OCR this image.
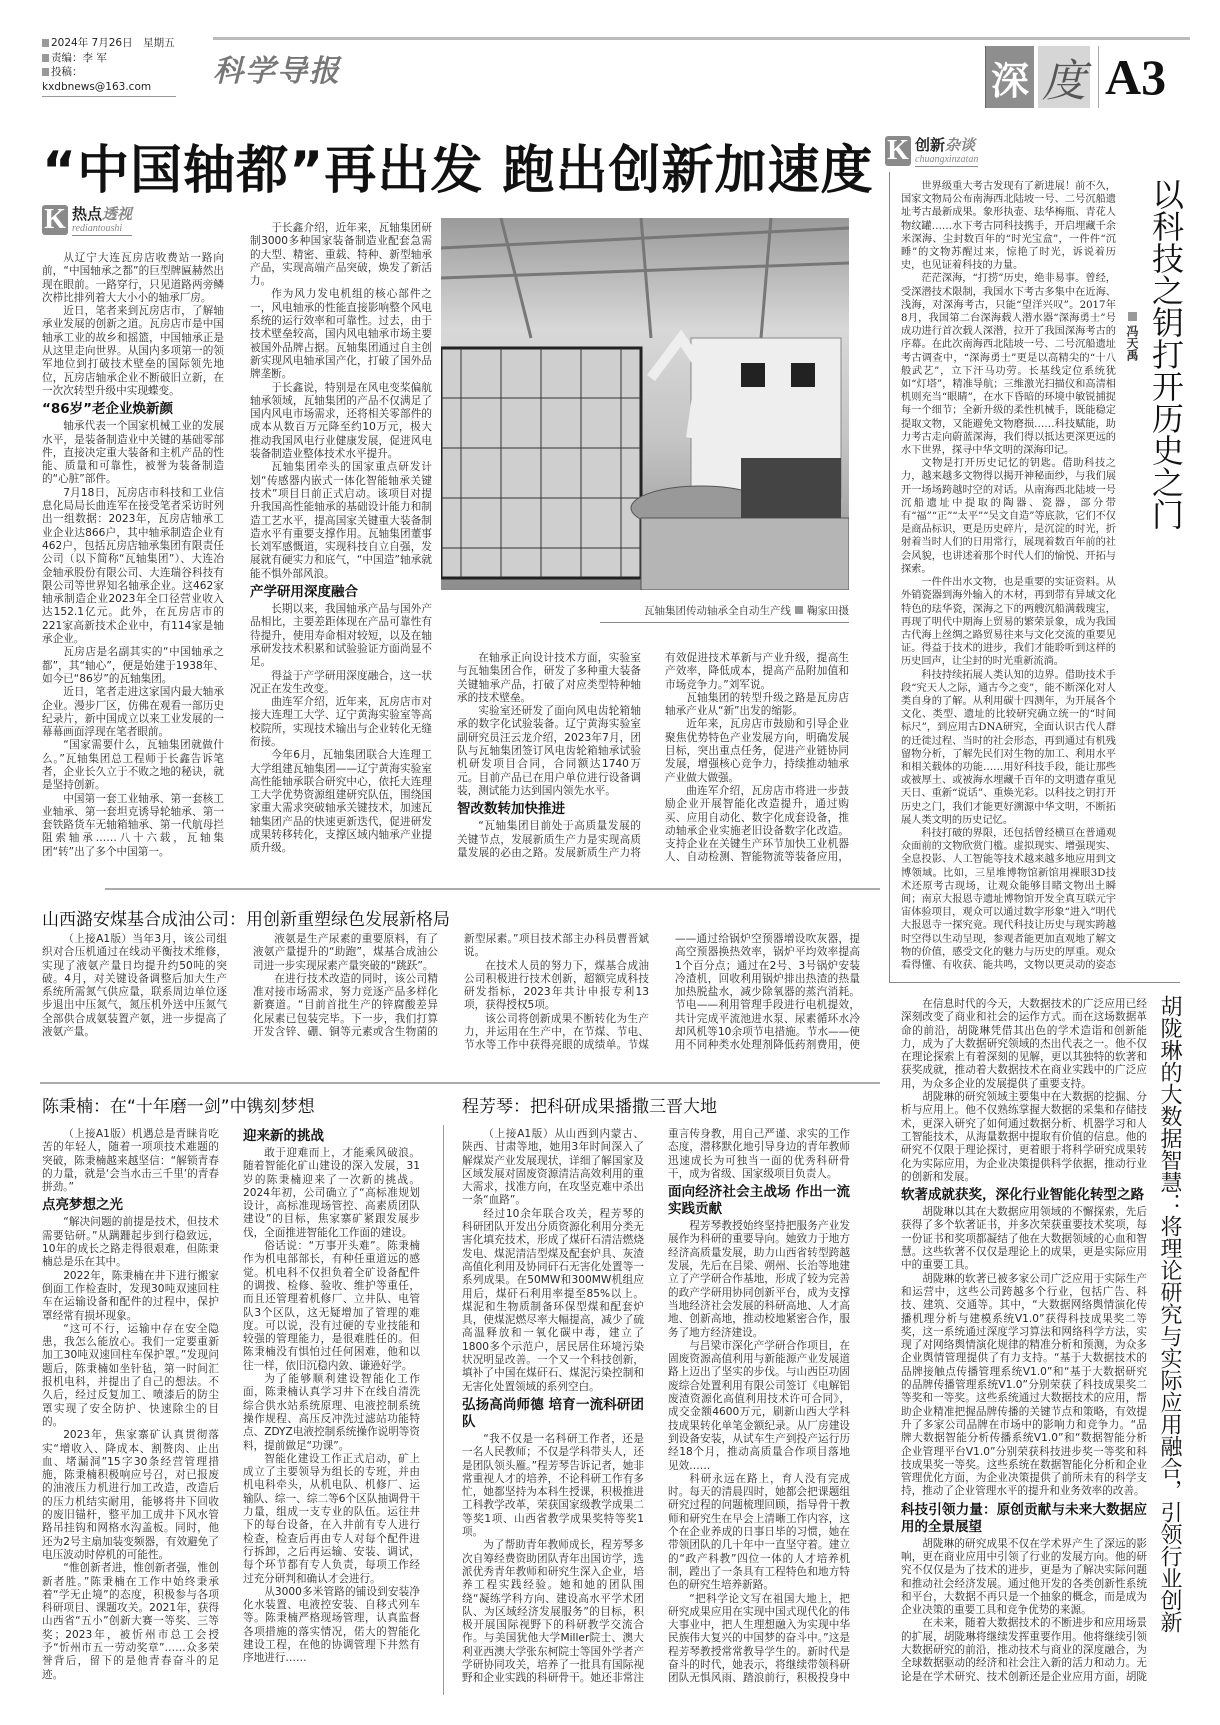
2024年 7月26日　星期五
责编：李 军
投稿：kxdbnews@163.com	科学导报	深 度 A3
“中国轴都”再出发 跑出创新加速度
K 热点透视
rediantoushi

从辽宁大连瓦房店收费站一路向前，“中国轴承之都”的巨型牌匾赫然出现在眼前。一路穿行，只见道路两旁鳞次栉比排列着大大小小的轴承厂房。

近日，笔者来到瓦房店市，了解轴承业发展的创新之道。瓦房店市是中国轴承工业的故乡和摇篮，中国轴承正是从这里走向世界。从国内多项第一的领军地位到打破技术壁垒的国际领先地位，瓦房店轴承企业不断破旧立新，在一次次转型升级中实现蝶变。

“86岁”老企业焕新颜

轴承代表一个国家机械工业的发展水平，是装备制造业中关键的基础零部件，直接决定重大装备和主机产品的性能、质量和可靠性，被誉为装备制造的“心脏”部件。

7月18日，瓦房店市科技和工业信息化局局长曲连军在接受笔者采访时列出一组数据：2023年，瓦房店轴承工业企业达866户，其中轴承制造企业有462户，包括瓦房店轴承集团有限责任公司（以下简称“瓦轴集团”）、大连冶金轴承股份有限公司、大连瑞谷科技有限公司等世界知名轴承企业。这462家轴承制造企业2023年全口径营业收入达152.1亿元。此外，在瓦房店市的221家高新技术企业中，有114家是轴承企业。

瓦房店是名副其实的“中国轴承之都”，其“轴心”，便是始建于1938年、如今已“86岁”的瓦轴集团。

近日，笔者走进这家国内最大轴承企业。漫步厂区，仿佛在观看一部历史纪录片，新中国成立以来工业发展的一幕幕画面浮现在笔者眼前。

“国家需要什么，瓦轴集团就做什么。”瓦轴集团总工程师于长鑫告诉笔者，企业长久立于不败之地的秘诀，就是坚持创新。

中国第一套工业轴承、第一套核工业轴承、第一套坦克诱导轮轴承、第一套铁路货车无轴箱轴承、第一代航母拦阻索轴承……八十六载，瓦轴集团“转”出了多个中国第一。

于长鑫介绍，近年来，瓦轴集团研制3000多种国家装备制造业配套急需的大型、精密、重载、特种、新型轴承产品，实现高端产品突破，焕发了新活力。

作为风力发电机组的核心部件之一，风电轴承的性能直接影响整个风电系统的运行效率和可靠性。过去，由于技术壁垒较高，国内风电轴承市场主要被国外品牌占据。瓦轴集团通过自主创新实现风电轴承国产化，打破了国外品牌垄断。

于长鑫说，特别是在风电变桨偏航轴承领域，瓦轴集团的产品不仅满足了国内风电市场需求，还将相关零部件的成本从数百万元降至约10万元，极大推动我国风电行业健康发展，促进风电装备制造业整体技术水平提升。

瓦轴集团牵头的国家重点研发计划“传感器内嵌式一体化智能轴承关键技术”项目日前正式启动。该项目对提升我国高性能轴承的基础设计能力和制造工艺水平，提高国家关键重大装备制造水平有重要支撑作用。瓦轴集团董事长刘军感慨道，实现科技自立自强，发展就有硬实力和底气，“中国造”轴承就能不惧外部风浪。

产学研用深度融合

长期以来，我国轴承产品与国外产品相比，主要差距体现在产品可靠性有待提升，使用寿命相对较短，以及在轴承研发技术积累和试验验证方面尚显不足。

得益于产学研用深度融合，这一状况正在发生改变。

曲连军介绍，近年来，瓦房店市对接大连理工大学、辽宁黄海实验室等高校院所，实现技术输出与企业转化无缝衔接。

今年6月，瓦轴集团联合大连理工大学组建瓦轴集团——辽宁黄海实验室高性能轴承联合研究中心，依托大连理工大学优势资源组建研究队伍，围绕国家重大需求突破轴承关键技术，加速瓦轴集团产品的快速更新迭代，促进研发成果转移转化，支撑区域内轴承产业提质升级。

瓦轴集团传动轴承全自动生产线 鞠家田摄

在轴承正向设计技术方面，实验室与瓦轴集团合作，研发了多种重大装备关键轴承产品，打破了对应类型特种轴承的技术壁垒。

实验室还研发了面向风电齿轮箱轴承的数字化试验装备。辽宁黄海实验室副研究员汪云龙介绍，2023年7月，团队与瓦轴集团签订风电齿轮箱轴承试验机研发项目合同，合同额达1740万元。目前产品已在用户单位进行设备调装，测试能力达到国内领先水平。

智改数转加快推进

“瓦轴集团目前处于高质量发展的关键节点，发展新质生产力是实现高质量发展的必由之路。发展新质生产力将有效促进技术革新与产业升级，提高生产效率，降低成本，提高产品附加值和市场竞争力。”刘军说。

瓦轴集团的转型升级之路是瓦房店轴承产业从“新”出发的缩影。

近年来，瓦房店市鼓励和引导企业聚焦优势特色产业发展方向，明确发展目标，突出重点任务，促进产业链协同发展，增强核心竞争力，持续推动轴承产业做大做强。

曲连军介绍，瓦房店市将进一步鼓励企业开展智能化改造提升，通过购买、应用自动化、数字化成套设备，推动轴承企业实施老旧设备数字化改造。支持企业在关键生产环节加快工业机器人、自动检测、智能物流等装备应用，

山西潞安煤基合成油公司：用创新重塑绿色发展新格局

（上接A1版）当年3月，该公司组织对合压机通过在线动平衡技术维修，实现了液氨产量日均提升约50吨的突破。4月，对关键设备调整后加大生产系统所需氮气供应量，联系周边单位逐步退出中压氮气，氮压机外送中压氮气全部供合成氨装置产氨，进一步提高了液氨产量。

液氨是生产尿素的重要原料，有了液氨产量提升的“助跑”，煤基合成油公司进一步实现尿素产量突破的“跳跃”。

在进行技术改造的同时，该公司精准对接市场需求，努力竞逐产品多样化新赛道。“目前首批生产的锌腐酸差异化尿素已包装完毕。下一步，我们打算开发含锌、硼、铜等元素或含生物菌的新型尿素。”项目技术部主办科员曹晋斌说。

在技术人员的努力下，煤基合成油公司积极进行技术创新，超额完成科技研发指标，2023年共计申报专利13项，获得授权5项。

该公司将创新成果不断转化为生产力，并运用在生产中，在节煤、节电、节水等工作中获得亮眼的成绩单。节煤——通过给锅炉空预器增设吹灰器，提高空预器换热效率，锅炉平均效率提高1个百分点；通过在2号、3号锅炉安装冷渣机，回收利用锅炉排出热渣的热量加热脱盐水，减少除氧器的蒸汽消耗。节电——利用管理手段进行电机提效，共计完成平流池进水泵、尿素循环水冷却风机等10余项节电措施。节水——使用不同种类水处理剂降低药剂费用，使

陈秉楠：在“十年磨一剑”中镌刻梦想

（上接A1版）机遇总是青睐肯吃苦的年轻人，随着一项项技术难题的突破，陈秉楠越来越坚信：“解锁青春的力量，就是‘会当水击三千里’的青春拼劲。”

点亮梦想之光

“解决问题的前提是技术，但技术需要钻研。”从蹒跚起步到行稳致远，10年的成长之路走得很艰难，但陈秉楠总是乐在其中。

2022年，陈秉楠在井下进行搬家倒面工作检查时，发现30吨双速回柱车在运输设备和配件的过程中，保护罩经常有损坏现象。

“这可不行，运输中存在安全隐患，我怎么能放心。我们一定要重新加工30吨双速回柱车保护罩。”发现问题后，陈秉楠如坐针毡，第一时间汇报机电科，并提出了自己的想法。不久后，经过反复加工、喷漆后的防尘罩实现了安全防护、快速除尘的目的。

2023年，焦家寨矿认真贯彻落实“增收入、降成本、割赘肉、止出血、堵漏洞”15字30条经营管理措施，陈秉楠积极响应号召，对已报废的油液压力机进行加工改造，改造后的压力机结实耐用，能够将井下回收的废旧锚杆，整平加工成井下风水管路吊挂钩和网格水沟盖板。同时，他还为2号主扇加装变频器，有效避免了电压波动时停机的可能性。

“惟创新者进，惟创新者强，惟创新者胜。”陈秉楠在工作中始终秉承着“学无止境”的态度，积极参与各项科研项目、课题攻关。2021年，获得山西省“五小”创新大赛一等奖、三等奖；2023年，被忻州市总工会授予“忻州市五一劳动奖章”……众多荣誉背后，留下的是他青春奋斗的足迹。

迎来新的挑战

敢于迎难而上，才能乘风破浪。随着智能化矿山建设的深入发展，31岁的陈秉楠迎来了一次新的挑战。2024年初，公司确立了“高标准规划设计，高标准现场管控、高素质团队建设”的目标，焦家寨矿紧跟发展步伐，全面推进智能化工作面的建设。

俗话说：“万事开头难”。陈秉楠作为机电部部长，有种任重道远的感觉。机电科不仅担负着全矿设备配件的调拨、检修、验收、维护等重任，而且还管理着机修厂、立井队、电管队3个区队，这无疑增加了管理的难度。可以说，没有过硬的专业技能和较强的管理能力，是很难胜任的。但陈秉楠没有惧怕过任何困难，他和以往一样，依旧沉稳内敛、谦逊好学。

为了能够顺利建设智能化工作面，陈秉楠认真学习井下在线自清洗综合供水站系统原理、电液控制系统操作规程、高压反冲洗过滤站功能特点、ZDYZ电液控制系统操作说明等资料，提前做足“功课”。

智能化建设工作正式启动，矿上成立了主要领导为组长的专班，并由机电科牵头，从机电队、机修厂、运输队、综一、综二等6个区队抽调骨干力量，组成一支专业的队伍。运往井下的每台设备，在入井前有专人进行检查，检查后再由专人对每个配件进行拆卸，之后再运输、安装、调试，每个环节都有专人负责，每项工作经过充分研判和确认才会进行。

从3000多米管路的铺设到安装净化水装置、电液控安装、自移式列车等。陈秉楠严格现场管理，认真监督各项措施的落实情况，偌大的智能化建设工程，在他的协调管理下井然有序地进行……

程芳琴：把科研成果播撒三晋大地

（上接A1版）从山西到内蒙古、陕西、甘肃等地，她用3年时间深入了解煤炭产业发展现状，详细了解国家及区域发展对固废资源清洁高效利用的重大需求，找准方向，在攻坚克难中杀出一条“血路”。

经过10余年联合攻关，程芳琴的科研团队开发出分质资源化利用分类无害化填充技术，形成了煤矸石清洁燃烧发电、煤泥清洁型煤及配套炉具、灰渣高值化利用及协同矸石无害化处置等一系列成果。在50MW和300MW机组应用后，煤矸石利用率提至85%以上。煤泥和生物质制备环保型煤和配套炉具，使煤泥燃尽率大幅提高，减少了硫高温释放和一氧化碳中毒，建立了1800多个示范户，居民居住环境污染状况明显改善。一个又一个科技创新，填补了中国在煤矸石、煤泥污染控制和无害化处置领域的系列空白。

弘扬高尚师德 培育一流科研团队

“我不仅是一名科研工作者，还是一名人民教师；不仅是学科带头人，还是团队领头雁。”程芳琴告诉记者，她非常重视人才的培养，不论科研工作有多忙，她都坚持为本科生授课，积极推进工科教学改革，荣获国家级教学成果二等奖1项、山西省教学成果奖特等奖1项。

为了帮助青年教师成长，程芳琴多次自筹经费资助团队青年出国访学，选派优秀青年教师和研究生深入企业，培养工程实践经验。她和她的团队围绕“凝练学科方向、建设高水平学术团队、为区域经济发展服务”的目标，积极开展国际视野下的科研教学交流合作。与美国犹他大学Miller院士、澳大利亚西澳大学张东柯院士等国外学者产学研协同攻关，培养了一批具有国际视野和企业实践的科研骨干。她还非常注重言传身教，用自己严谨、求实的工作态度，潜移默化地引导身边的青年教师迅速成长为可独当一面的优秀科研骨干，成为省级、国家级项目负责人。

面向经济社会主战场 作出一流实践贡献

程芳琴教授始终坚持把服务产业发展作为科研的重要导向。她致力于地方经济高质量发展，助力山西省转型跨越发展，先后在吕梁、朔州、长治等地建立了产学研合作基地，形成了较为完善的政产学研用协同创新平台，成为支撑当地经济社会发展的科研高地、人才高地、创新高地，推动校地紧密合作，服务了地方经济建设。

与吕梁市深化产学研合作项目，在固废资源高值利用与新能源产业发展道路上迈出了坚实的步伐。与山西臣功固废综合处置利用有限公司签订《电解铝废渣资源化高值利用技术许可合同》，成交金额4600万元，刷新山西大学科技成果转化单笔金额纪录。从厂房建设到设备安装，从试车生产到投产运行历经18个月，推动高质量合作项目落地见效……

科研永远在路上，育人没有完成时。每天的清晨四时，她都会把课题组研究过程的问题梳理回顾，指导骨干教师和研究生在早会上清晰工作内容，这个在企业养成的日事日毕的习惯，她在带领团队的几十年中一直坚守着。建立的“政产科教”四位一体的人才培养机制，蹚出了一条具有工程特色和地方特色的研究生培养新路。

“把科学论文写在祖国大地上，把研究成果应用在实现中国式现代化的伟大事业中，把人生理想融入为实现中华民族伟大复兴的中国梦的奋斗中。”这是程芳琴教授常常教导学生的。新时代是奋斗的时代，她表示，将继续带领科研团队无惧风雨、踏浪前行，积极投身中

K 创新杂谈
chuangxinzatan

世界级重大考古发现有了新进展！前不久，国家文物局公布南海西北陆坡一号、二号沉船遗址考古最新成果。象形执壶、珐华梅瓶、青花人物纹罐……水下考古同科技携手，开启埋藏千余米深海、尘封数百年的“时光宝盒”，一件件“沉睡”的文物苏醒过来，惊艳了时光，诉说着历史，也见证着科技的力量。

茫茫深海，“打捞”历史，绝非易事。曾经，受深潜技术限制，我国水下考古多集中在近海、浅海，对深海考古，只能“望洋兴叹”。2017年8月，我国第二台深海载人潜水器“深海勇士”号成功进行首次载人深潜，拉开了我国深海考古的序幕。在此次南海西北陆坡一号、二号沉船遗址考古调查中，“深海勇士”更是以高精尖的“十八般武艺”，立下汗马功劳。长基线定位系统犹如“灯塔”，精准导航；三维激光扫描仪和高清相机则充当“眼睛”，在水下昏暗的环境中敏锐捕捉每一个细节；全新升级的柔性机械手，既能稳定提取文物，又能避免文物磨损……科技赋能，助力考古走向蔚蓝深海，我们得以抵达更深更远的水下世界，探寻中华文明的深海印记。

文物是打开历史记忆的钥匙。借助科技之力，越来越多文物得以揭开神秘面纱，与我们展开一场场跨越时空的对话。从南海西北陆坡一号沉船遗址中提取的陶器、瓷器，部分带有“福”“正”“太平”“吴文自造”等底款，它们不仅是商品标识，更是历史碎片，是沉淀的时光，折射着当时人们的日用常行，展现着数百年前的社会风貌，也讲述着那个时代人们的愉悦、开拓与探索。

一件件出水文物，也是重要的实证资料。从外销瓷器到海外输入的木材，再到带有异域文化特色的珐华瓷，深海之下的两艘沉船满载瑰宝，再现了明代中期海上贸易的繁荣景象，成为我国古代海上丝绸之路贸易往来与文化交流的重要见证。得益于技术的进步，我们才能聆听到这样的历史回声，让尘封的时光重新流淌。

科技持续拓展人类认知的边界。借助技术手段“究天人之际，通古今之变”，能不断深化对人类自身的了解。从利用碳十四测年，为开展各个文化、类型、遗址的比较研究确立统一的“时间标尺”，到应用古DNA研究，全面认识古代人群的迁徙过程、当时的社会形态，再到通过有机残留物分析，了解先民们对生物的加工、利用水平和相关载体的功能……用好科技手段，能让那些或被厚土、或被海水埋藏千百年的文明遗存重见天日、重新“说话”、重焕光彩。以科技之钥打开历史之门，我们才能更好溯源中华文明，不断拓展人类文明的历史记忆。

科技打破的界限，还包括曾经横亘在普通观众面前的文物欣赏门槛。虚拟现实、增强现实、全息投影、人工智能等技术越来越多地应用到文博领域。比如，三星堆博物馆新馆用裸眼3D技术还原考古现场，让观众能够目睹文物出土瞬间；南京大报恩寺遗址博物馆开发全真互联元宇宙体验项目，观众可以通过数字形象“进入”明代大报恩寺一探究竟。现代科技让历史与现实跨越时空得以生动呈现，参观者能更加直观地了解文物的价值，感受文化的魅力与历史的厚重。观众看得懂、有收获、能共鸣，文物以更灵动的姿态

以科技之钥打开历史之门
冯天禹

在信息时代的今天，大数据技术的广泛应用已经深刻改变了商业和社会的运作方式。而在这场数据革命的前沿，胡陇琳凭借其出色的学术造诣和创新能力，成为了大数据研究领域的杰出代表之一。他不仅在理论探索上有着深刻的见解，更以其独特的软著和获奖成就，推动着大数据技术在商业实践中的广泛应用，为众多企业的发展提供了重要支持。

胡陇琳的研究领域主要集中在大数据的挖掘、分析与应用上。他不仅熟练掌握大数据的采集和存储技术，更深入研究了如何通过数据分析、机器学习和人工智能技术，从海量数据中提取有价值的信息。他的研究不仅限于理论探讨，更着眼于将科学研究成果转化为实际应用，为企业决策提供科学依据，推动行业的创新和发展。

软著成就获奖，深化行业智能化转型之路

胡陇琳以其在大数据应用领域的不懈探索，先后获得了多个软著证书，并多次荣获重要技术奖项，每一份证书和奖项都凝结了他在大数据领域的心血和智慧。这些软著不仅仅是理论上的成果，更是实际应用中的重要工具。

胡陇琳的软著已被多家公司广泛应用于实际生产和运营中，这些公司跨越多个行业，包括广告、科技、建筑、交通等。其中，“大数据网络舆情演化传播机理分析与建模系统V1.0”获得科技成果奖二等奖，这一系统通过深度学习算法和网络科学方法，实现了对网络舆情演化规律的精准分析和预测，为众多企业舆情管理提供了有力支持。“基于大数据技术的品牌接触点传播管理系统V1.0”和“基于大数据研究的品牌传播管理系统V1.0”分别荣获了科技成果奖二等奖和一等奖。这些系统通过大数据技术的应用，帮助企业精准把握品牌传播的关键节点和策略，有效提升了多家公司品牌在市场中的影响力和竞争力。“品牌大数据智能分析传播系统V1.0”和“数据智能分析企业管理平台V1.0”分别荣获科技进步奖一等奖和科技成果奖一等奖。这些系统在数据智能化分析和企业管理优化方面，为企业决策提供了前所未有的科学支持，推动了企业管理水平的提升和业务效率的改善。

科技引领力量：原创贡献与未来大数据应用的全景展望

胡陇琳的研究成果不仅在学术界产生了深远的影响，更在商业应用中引领了行业的发展方向。他的研究不仅仅是为了技术的进步，更是为了解决实际问题和推动社会经济发展。通过他开发的各类创新性系统和平台，大数据不再只是一个抽象的概念，而是成为企业决策的重要工具和竞争优势的来源。

在未来，随着大数据技术的不断进步和应用场景的扩展，胡陇琳将继续发挥重要作用。他将继续引领大数据研究的前沿，推动技术与商业的深度融合，为全球数据驱动的经济和社会注入新的活力和动力。无论是在学术研究、技术创新还是企业应用方面，胡陇

胡陇琳的大数据智慧：将理论研究与实际应用融合，引领行业创新
